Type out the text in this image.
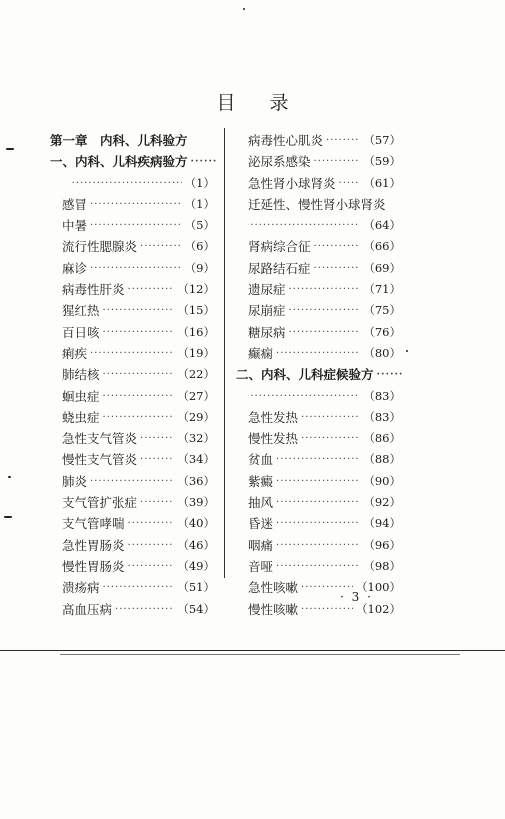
目 录
第一章　内科、儿科验方
一、内科、儿科疾病验方
·····
·····
（1）
感冒 ·····	（1）
中暑 ·····	（5）
流行性腮腺炎 ·····	（6）
麻诊 ·····	（9）
病毒性肝炎 ·····	（12）
猩红热 ·····	（15）
百日咳 ·····	（16）
痢疾 ·····	（19）
肺结核 ·····	（22）
蛔虫症 ·····	（27）
蛲虫症 ·····	（29）
急性支气管炎 ·····	（32）
慢性支气管炎 ·····	（34）
肺炎 ·····	（36）
支气管扩张症 ·····	（39）
支气管哮喘 ·····	（40）
急性胃肠炎 ·····	（46）
慢性胃肠炎 ·····	（49）
溃疡病 ·····	（51）
高血压病 ·····	（54）
病毒性心肌炎 ·····	（57）
泌尿系感染 ·····	（59）
急性肾小球肾炎 ····· （61）
迁延性、慢性肾小球肾炎
·····
（64）
肾病综合征 ·····	（66）
尿路结石症 ·····	（69）
遗尿症 ·····	（71）
尿崩症 ·····	（75）
糖尿病 ·····	（76）
癫痫 ·····	（80）
二、内科、儿科症候验方
·····
·····
（83）
急性发热 ·····	（83）
慢性发热 ·····	（86）
贫血 ·····	（88）
紫癜 ·····	（90）
抽风 ·····	（92）
昏迷 ·····	（94）
咽痛 ·····	（96）
音哑 ·····	（98）
急性咳嗽 ·····	（100）
慢性咳嗽 ·····	（102）
· 3 ·
